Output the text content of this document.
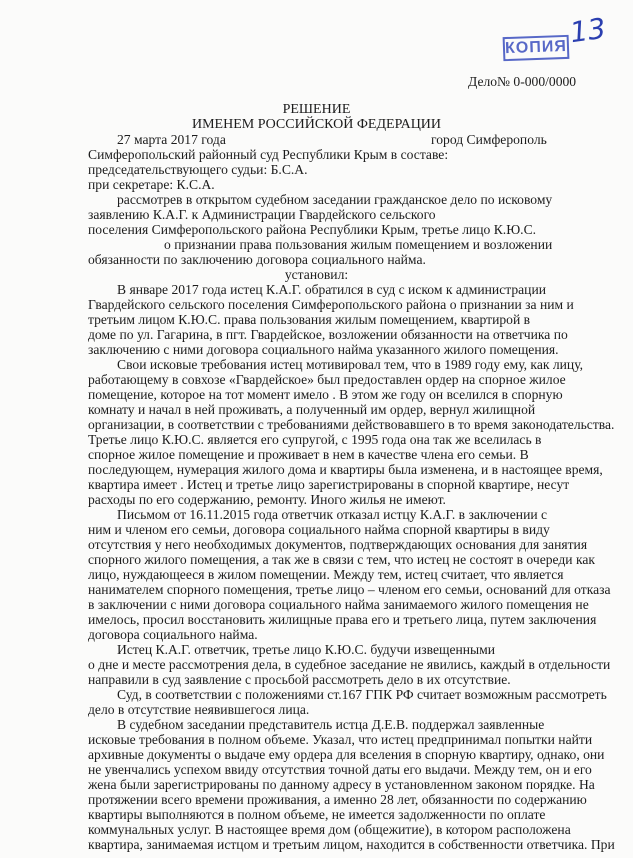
13
КОПИЯ
Дело№ 0-000/0000
РЕШЕНИЕ
ИМЕНЕМ РОССИЙСКОЙ ФЕДЕРАЦИИ
27 марта 2017 года	город Симферополь
Симферопольский районный суд Республики Крым в составе:
председательствующего судьи: Б.С.А.
при секретаре: К.С.А.
рассмотрев в открытом судебном заседании гражданское дело по исковому
заявлению К.А.Г. к Администрации Гвардейского сельского
поселения Симферопольского района Республики Крым, третье лицо К.Ю.С.
о признании права пользования жилым помещением и возложении
обязанности по заключению договора социального найма.
установил:
В январе 2017 года истец К.А.Г. обратился в суд с иском к администрации
Гвардейского сельского поселения Симферопольского района о признании за ним и
третьим лицом К.Ю.С. права пользования жилым помещением, квартирой в
доме по ул. Гагарина, в пгт. Гвардейское, возложении обязанности на ответчика по
заключению с ними договора социального найма указанного жилого помещения.
Свои исковые требования истец мотивировал тем, что в 1989 году ему, как лицу,
работающему в совхозе «Гвардейское» был предоставлен ордер на спорное жилое
помещение, которое на тот момент имело . В этом же году он вселился в спорную
комнату и начал в ней проживать, а полученный им ордер, вернул жилищной
организации, в соответствии с требованиями действовавшего в то время законодательства.
Третье лицо К.Ю.С. является его супругой, с 1995 года она так же вселилась в
спорное жилое помещение и проживает в нем в качестве члена его семьи. В
последующем, нумерация жилого дома и квартиры была изменена, и в настоящее время,
квартира имеет . Истец и третье лицо зарегистрированы в спорной квартире, несут
расходы по его содержанию, ремонту. Иного жилья не имеют.
Письмом от 16.11.2015 года ответчик отказал истцу К.А.Г. в заключении с
ним и членом его семьи, договора социального найма спорной квартиры в виду
отсутствия у него необходимых документов, подтверждающих основания для занятия
спорного жилого помещения, а так же в связи с тем, что истец не состоят в очереди как
лицо, нуждающееся в жилом помещении. Между тем, истец считает, что является
нанимателем спорного помещения, третье лицо – членом его семьи, оснований для отказа
в заключении с ними договора социального найма занимаемого жилого помещения не
имелось, просил восстановить жилищные права его и третьего лица, путем заключения
договора социального найма.
Истец К.А.Г. ответчик, третье лицо К.Ю.С. будучи извещенными
о дне и месте рассмотрения дела, в судебное заседание не явились, каждый в отдельности
направили в суд заявление с просьбой рассмотреть дело в их отсутствие.
Суд, в соответствии с положениями ст.167 ГПК РФ считает возможным рассмотреть
дело в отсутствие неявившегося лица.
В судебном заседании представитель истца Д.Е.В. поддержал заявленные
исковые требования в полном объеме. Указал, что истец предпринимал попытки найти
архивные документы о выдаче ему ордера для вселения в спорную квартиру, однако, они
не увенчались успехом ввиду отсутствия точной даты его выдачи. Между тем, он и его
жена были зарегистрированы по данному адресу в установленном законом порядке. На
протяжении всего времени проживания, а именно 28 лет, обязанности по содержанию
квартиры выполняются в полном объеме, не имеется задолженности по оплате
коммунальных услуг. В настоящее время дом (общежитие), в котором расположена
квартира, занимаемая истцом и третьим лицом, находится в собственности ответчика. При
